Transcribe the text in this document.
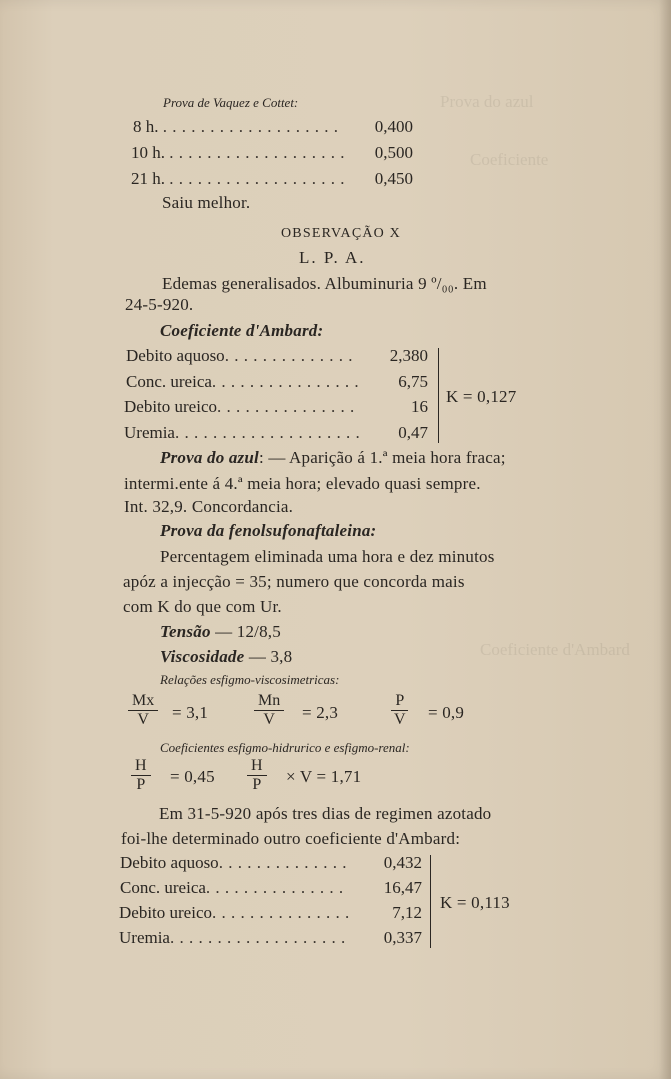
Prova do azul
Coeficiente
Coeficiente d'Ambard
Prova de Vaquez e Cottet:
8 h. . . . . . . . . . . . . . . . . . . . 0,400
10 h. . . . . . . . . . . . . . . . . . . . 0,500
21 h. . . . . . . . . . . . . . . . . . . . 0,450
Saiu melhor.
OBSERVAÇÃO X
L. P. A.
Edemas generalisados. Albuminuria 9 º/₀₀. Em
24-5-920.
Coeficiente d'Ambard:
Debito aquoso. . . . . . . . . . . . . . 2,380
Conc. ureica. . . . . . . . . . . . . . . . 6,75
Debito ureico. . . . . . . . . . . . . . .	16
Uremia. . . . . . . . . . . . . . . . . . . . 0,47
K = 0,127
Prova do azul: — Aparição á 1.ª meia hora fraca;
intermi.ente á 4.ª meia hora; elevado quasi sempre.
Int. 32,9. Concordancia.
Prova da fenolsufonaftaleina:
Percentagem eliminada uma hora e dez minutos
apóz a injecção = 35; numero que concorda mais
com K do que com Ur.
Tensão — 12/8,5
Viscosidade — 3,8
Relações esfigmo-viscosimetricas:
$\frac{Mx}{V} = 3,1$	$\frac{Mn}{V} = 2,3$	$\frac{P}{V} = 0,9$
Coeficientes esfigmo-hidrurico e esfigmo-renal:
$\frac{H}{P} = 0,45 \frac{H}{P} \times V = 1,71$
Em 31-5-920 após tres dias de regimen azotado
foi-lhe determinado outro coeficiente d'Ambard:
Debito aquoso. . . . . . . . . . . . . . 0,432
Conc. ureica. . . . . . . . . . . . . . . 16,47
Debito ureico. . . . . . . . . . . . . . .	7,12
Uremia. . . . . . . . . . . . . . . . . . . 0,337
K = 0,113
